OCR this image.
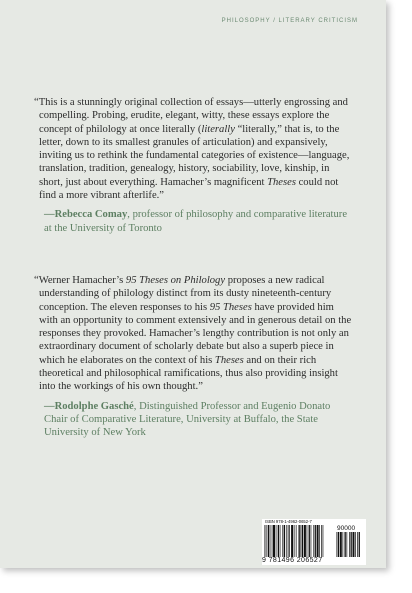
PHILOSOPHY / LITERARY CRITICISM

“This is a stunningly original collection of essays—utterly engrossing and compelling. Probing, erudite, elegant, witty, these essays explore the concept of philology at once literally (literally “literally,” that is, to the letter, down to its smallest granules of articulation) and expansively, inviting us to rethink the fundamental categories of existence—language, translation, tradition, genealogy, history, sociability, love, kinship, in short, just about everything. Hamacher’s magnificent Theses could not find a more vibrant afterlife.”

—Rebecca Comay, professor of philosophy and comparative literature at the University of Toronto

“Werner Hamacher’s 95 Theses on Philology proposes a new radical understanding of philology distinct from its dusty nineteenth-century conception. The eleven responses to his 95 Theses have provided him with an opportunity to comment extensively and in generous detail on the responses they provoked. Hamacher’s lengthy contribution is not only an extraordinary document of scholarly debate but also a superb piece in which he elaborates on the context of his Theses and on their rich theoretical and philosophical ramifications, thus also providing insight into the workings of his own thought.”

—Rodolphe Gasché, Distinguished Professor and Eugenio Donato Chair of Comparative Literature, University at Buffalo, the State University of New York
ISBN 978-1-4962-0652-7
90000
9 781496 206527
